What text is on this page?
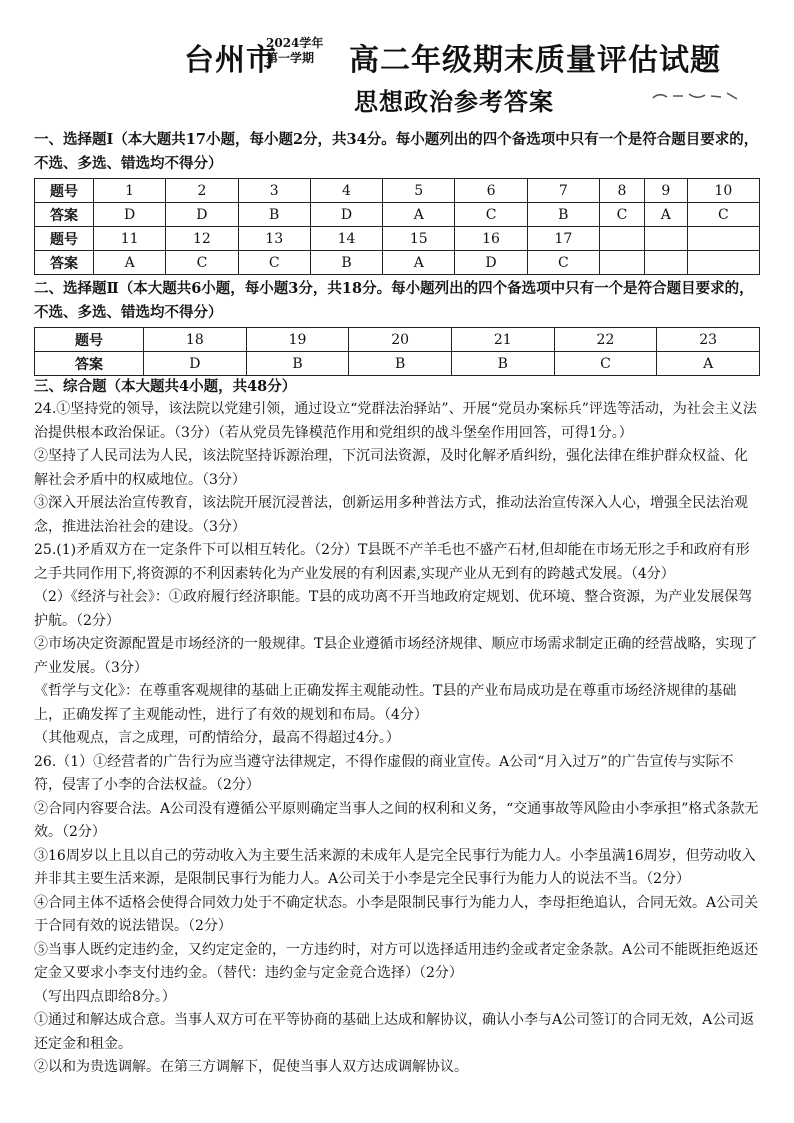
台州市
2024学年
第一学期	高二年级期末质量评估试题
思想政治参考答案

一、选择题Ⅰ（本大题共17小题，每小题2分，共34分。每小题列出的四个备选项中只有一个是符合题目要求的，不选、多选、错选均不得分）

题号	1	2	3	4	5	6	7	8	9	10
答案	D	D	B	D	A	C	B	C	A	C
题号	11	12	13	14	15	16	17			
答案	A	C	C	B	A	D	C			

二、选择题Ⅱ（本大题共6小题，每小题3分，共18分。每小题列出的四个备选项中只有一个是符合题目要求的，不选、多选、错选均不得分）

题号	18	19	20	21	22	23
答案	D	B	B	B	C	A

三、综合题（本大题共4小题，共48分）

24.①坚持党的领导，该法院以党建引领，通过设立“党群法治驿站”、开展“党员办案标兵”评选等活动，为社会主义法治提供根本政治保证。（3分）（若从党员先锋模范作用和党组织的战斗堡垒作用回答，可得1分。）

②坚持了人民司法为人民，该法院坚持诉源治理，下沉司法资源，及时化解矛盾纠纷，强化法律在维护群众权益、化解社会矛盾中的权威地位。（3分）

③深入开展法治宣传教育，该法院开展沉浸普法，创新运用多种普法方式，推动法治宣传深入人心，增强全民法治观念，推进法治社会的建设。（3分）

25.(1)矛盾双方在一定条件下可以相互转化。（2分）T县既不产羊毛也不盛产石材,但却能在市场无形之手和政府有形之手共同作用下,将资源的不利因素转化为产业发展的有利因素,实现产业从无到有的跨越式发展。（4分）

（2）《经济与社会》：①政府履行经济职能。T县的成功离不开当地政府定规划、优环境、整合资源，为产业发展保驾护航。（2分）

②市场决定资源配置是市场经济的一般规律。T县企业遵循市场经济规律、顺应市场需求制定正确的经营战略，实现了产业发展。（3分）

《哲学与文化》：在尊重客观规律的基础上正确发挥主观能动性。T县的产业布局成功是在尊重市场经济规律的基础上，正确发挥了主观能动性，进行了有效的规划和布局。（4分）

（其他观点，言之成理，可酌情给分，最高不得超过4分。）

26.（1）①经营者的广告行为应当遵守法律规定，不得作虚假的商业宣传。A公司“月入过万”的广告宣传与实际不符，侵害了小李的合法权益。（2分）

②合同内容要合法。A公司没有遵循公平原则确定当事人之间的权利和义务，“交通事故等风险由小李承担”格式条款无效。（2分）

③16周岁以上且以自己的劳动收入为主要生活来源的未成年人是完全民事行为能力人。小李虽满16周岁，但劳动收入并非其主要生活来源，是限制民事行为能力人。A公司关于小李是完全民事行为能力人的说法不当。（2分）

④合同主体不适格会使得合同效力处于不确定状态。小李是限制民事行为能力人，李母拒绝追认，合同无效。A公司关于合同有效的说法错误。（2分）

⑤当事人既约定违约金，又约定定金的，一方违约时，对方可以选择适用违约金或者定金条款。A公司不能既拒绝返还定金又要求小李支付违约金。（替代：违约金与定金竞合选择）（2分）

（写出四点即给8分。）

①通过和解达成合意。当事人双方可在平等协商的基础上达成和解协议，确认小李与A公司签订的合同无效，A公司返还定金和租金。

②以和为贵选调解。在第三方调解下，促使当事人双方达成调解协议。
